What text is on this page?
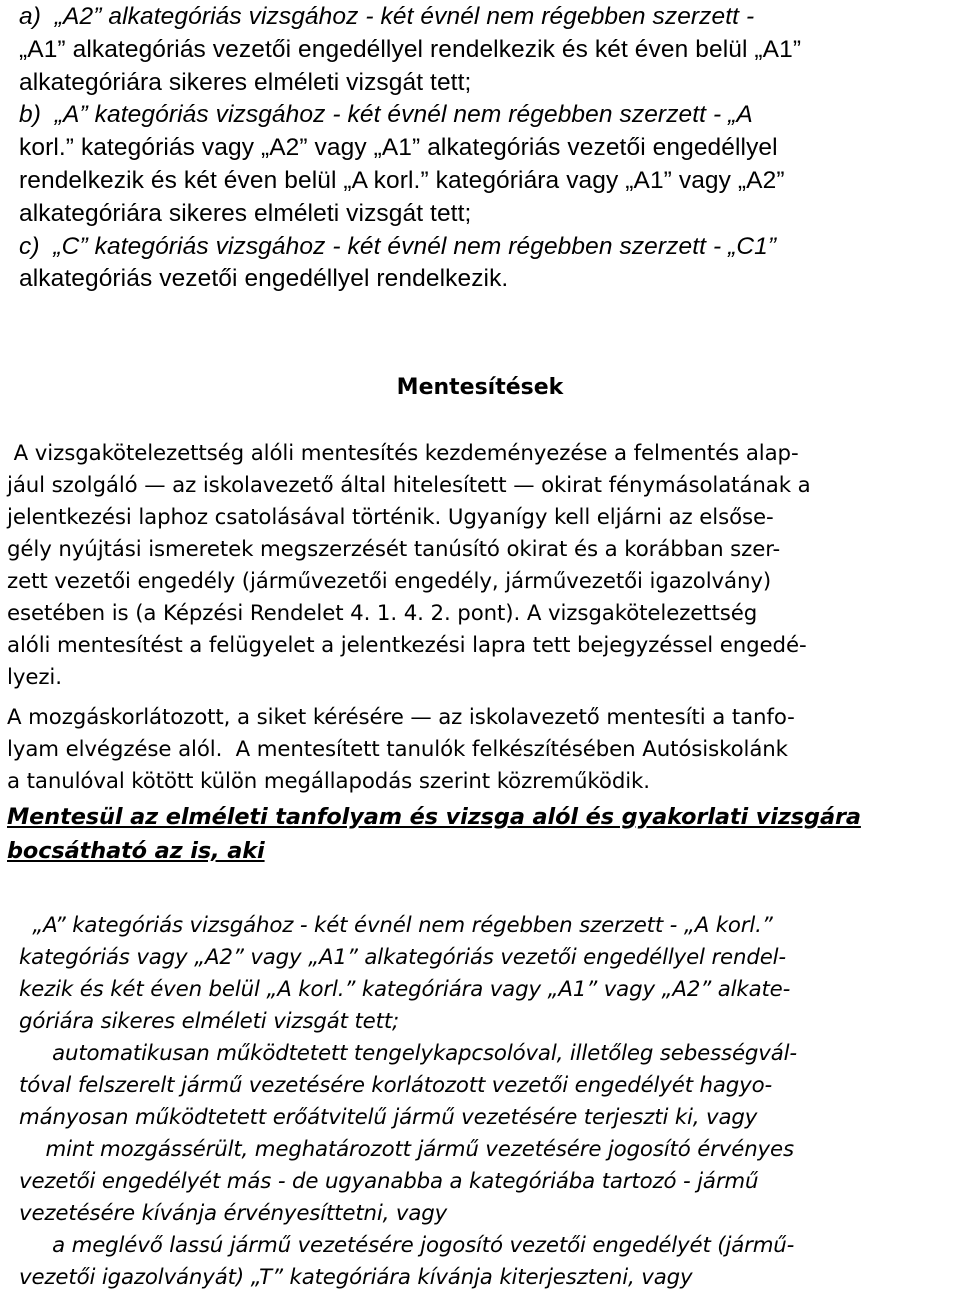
a)  „A2” alkategóriás vizsgához - két évnél nem régebben szerzett -
„A1” alkategóriás vezetői engedéllyel rendelkezik és két éven belül „A1”
alkategóriára sikeres elméleti vizsgát tett;
b)  „A” kategóriás vizsgához - két évnél nem régebben szerzett - „A
korl.” kategóriás vagy „A2” vagy „A1” alkategóriás vezetői engedéllyel
rendelkezik és két éven belül „A korl.” kategóriára vagy „A1” vagy „A2”
alkategóriára sikeres elméleti vizsgát tett;
c)  „C” kategóriás vizsgához - két évnél nem régebben szerzett - „C1”
alkategóriás vezetői engedéllyel rendelkezik.
Mentesítések
A vizsgakötelezettség alóli mentesítés kezdeményezése a felmentés alap-
jául szolgáló — az iskolavezető által hitelesített — okirat fénymásolatának a
jelentkezési laphoz csatolásával történik. Ugyanígy kell eljárni az elsőse-
gély nyújtási ismeretek megszerzését tanúsító okirat és a korábban szer-
zett vezetői engedély (járművezetői engedély, járművezetői igazolvány)
esetében is (a Képzési Rendelet 4. 1. 4. 2. pont). A vizsgakötelezettség
alóli mentesítést a felügyelet a jelentkezési lapra tett bejegyzéssel engedé-
lyezi.
A mozgáskorlátozott, a siket kérésére — az iskolavezető mentesíti a tanfo-
lyam elvégzése alól.  A mentesített tanulók felkészítésében Autósiskolánk
a tanulóval kötött külön megállapodás szerint közreműködik.
Mentesül az elméleti tanfolyam és vizsga alól és gyakorlati vizsgára
bocsátható az is, aki
„A” kategóriás vizsgához - két évnél nem régebben szerzett - „A korl.”
kategóriás vagy „A2” vagy „A1” alkategóriás vezetői engedéllyel rendel-
kezik és két éven belül „A korl.” kategóriára vagy „A1” vagy „A2” alkate-
góriára sikeres elméleti vizsgát tett;
automatikusan működtetett tengelykapcsolóval, illetőleg sebességvál-
tóval felszerelt jármű vezetésére korlátozott vezetői engedélyét hagyo-
mányosan működtetett erőátvitelű jármű vezetésére terjeszti ki, vagy
mint mozgássérült, meghatározott jármű vezetésére jogosító érvényes
vezetői engedélyét más - de ugyanabba a kategóriába tartozó - jármű
vezetésére kívánja érvényesíttetni, vagy
a meglévő lassú jármű vezetésére jogosító vezetői engedélyét (jármű-
vezetői igazolványát) „T” kategóriára kívánja kiterjeszteni, vagy
